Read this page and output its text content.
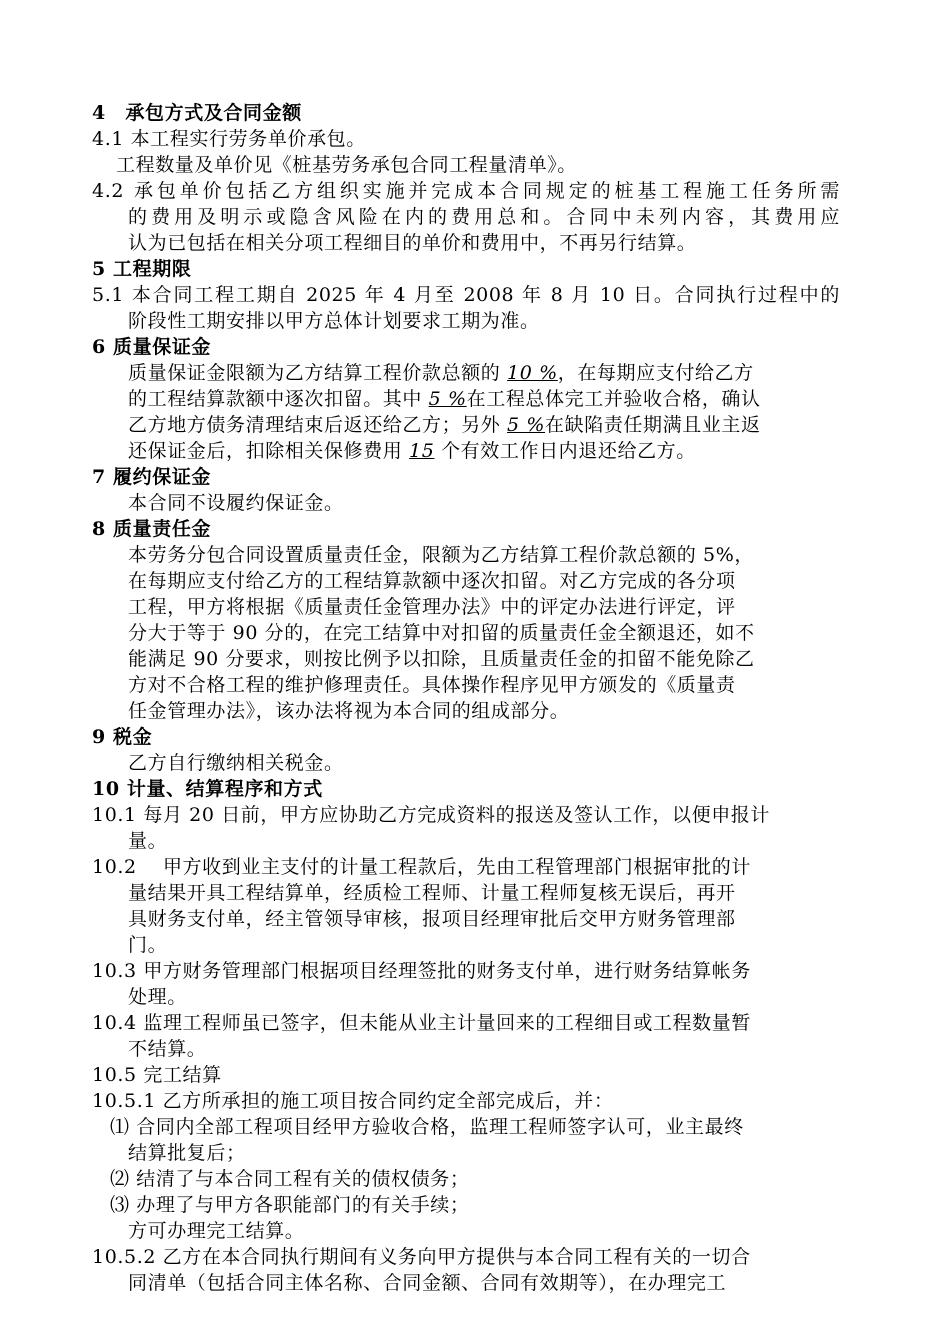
4　承包方式及合同金额
4.1 本工程实行劳务单价承包。
工程数量及单价见《桩基劳务承包合同工程量清单》。
4.2 承包单价包括乙方组织实施并完成本合同规定的桩基工程施工任务所需
的费用及明示或隐含风险在内的费用总和。合同中未列内容，其费用应
认为已包括在相关分项工程细目的单价和费用中，不再另行结算。
5 工程期限
5.1 本合同工程工期自 2025 年 4 月至 2008 年 8 月 10 日。合同执行过程中的
阶段性工期安排以甲方总体计划要求工期为准。
6 质量保证金
质量保证金限额为乙方结算工程价款总额的 10 %，在每期应支付给乙方
的工程结算款额中逐次扣留。其中 5 %在工程总体完工并验收合格，确认
乙方地方债务清理结束后返还给乙方；另外 5 %在缺陷责任期满且业主返
还保证金后，扣除相关保修费用 15 个有效工作日内退还给乙方。
7 履约保证金
本合同不设履约保证金。
8 质量责任金
本劳务分包合同设置质量责任金，限额为乙方结算工程价款总额的 5%，
在每期应支付给乙方的工程结算款额中逐次扣留。对乙方完成的各分项
工程，甲方将根据《质量责任金管理办法》中的评定办法进行评定，评
分大于等于 90 分的，在完工结算中对扣留的质量责任金全额退还，如不
能满足 90 分要求，则按比例予以扣除，且质量责任金的扣留不能免除乙
方对不合格工程的维护修理责任。具体操作程序见甲方颁发的《质量责
任金管理办法》，该办法将视为本合同的组成部分。
9 税金
乙方自行缴纳相关税金。
10 计量、结算程序和方式
10.1 每月 20 日前，甲方应协助乙方完成资料的报送及签认工作，以便申报计
量。
10.2　 甲方收到业主支付的计量工程款后，先由工程管理部门根据审批的计
量结果开具工程结算单，经质检工程师、计量工程师复核无误后，再开
具财务支付单，经主管领导审核，报项目经理审批后交甲方财务管理部
门。
10.3 甲方财务管理部门根据项目经理签批的财务支付单，进行财务结算帐务
处理。
10.4 监理工程师虽已签字，但未能从业主计量回来的工程细目或工程数量暂
不结算。
10.5 完工结算
10.5.1 乙方所承担的施工项目按合同约定全部完成后，并：
⑴ 合同内全部工程项目经甲方验收合格，监理工程师签字认可，业主最终
结算批复后；
⑵ 结清了与本合同工程有关的债权债务；
⑶ 办理了与甲方各职能部门的有关手续；
方可办理完工结算。
10.5.2 乙方在本合同执行期间有义务向甲方提供与本合同工程有关的一切合
同清单（包括合同主体名称、合同金额、合同有效期等），在办理完工
